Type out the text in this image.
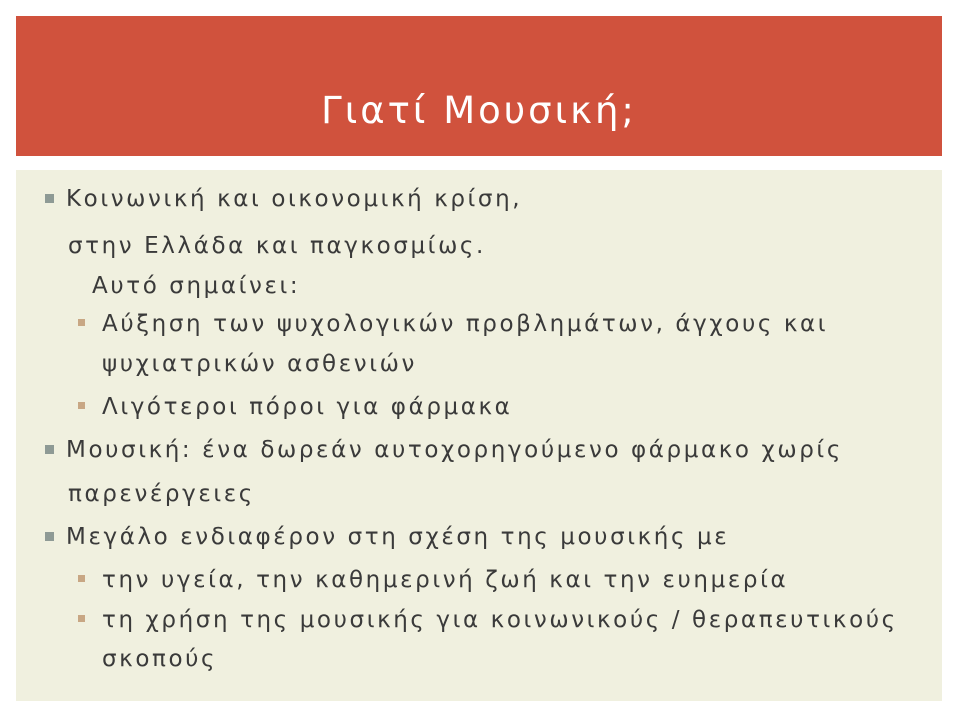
Γιατί Μουσική;
Κοινωνική και οικονομική κρίση,
στην Ελλάδα και παγκοσμίως.
Αυτό σημαίνει:
Αύξηση των ψυχολογικών προβλημάτων, άγχους και
ψυχιατρικών ασθενιών
Λιγότεροι πόροι για φάρμακα
Μουσική: ένα δωρεάν αυτοχορηγούμενο φάρμακο χωρίς
παρενέργειες
Μεγάλο ενδιαφέρον στη σχέση της μουσικής με
την υγεία, την καθημερινή ζωή και την ευημερία
τη χρήση της μουσικής για κοινωνικούς / θεραπευτικούς
σκοπούς
